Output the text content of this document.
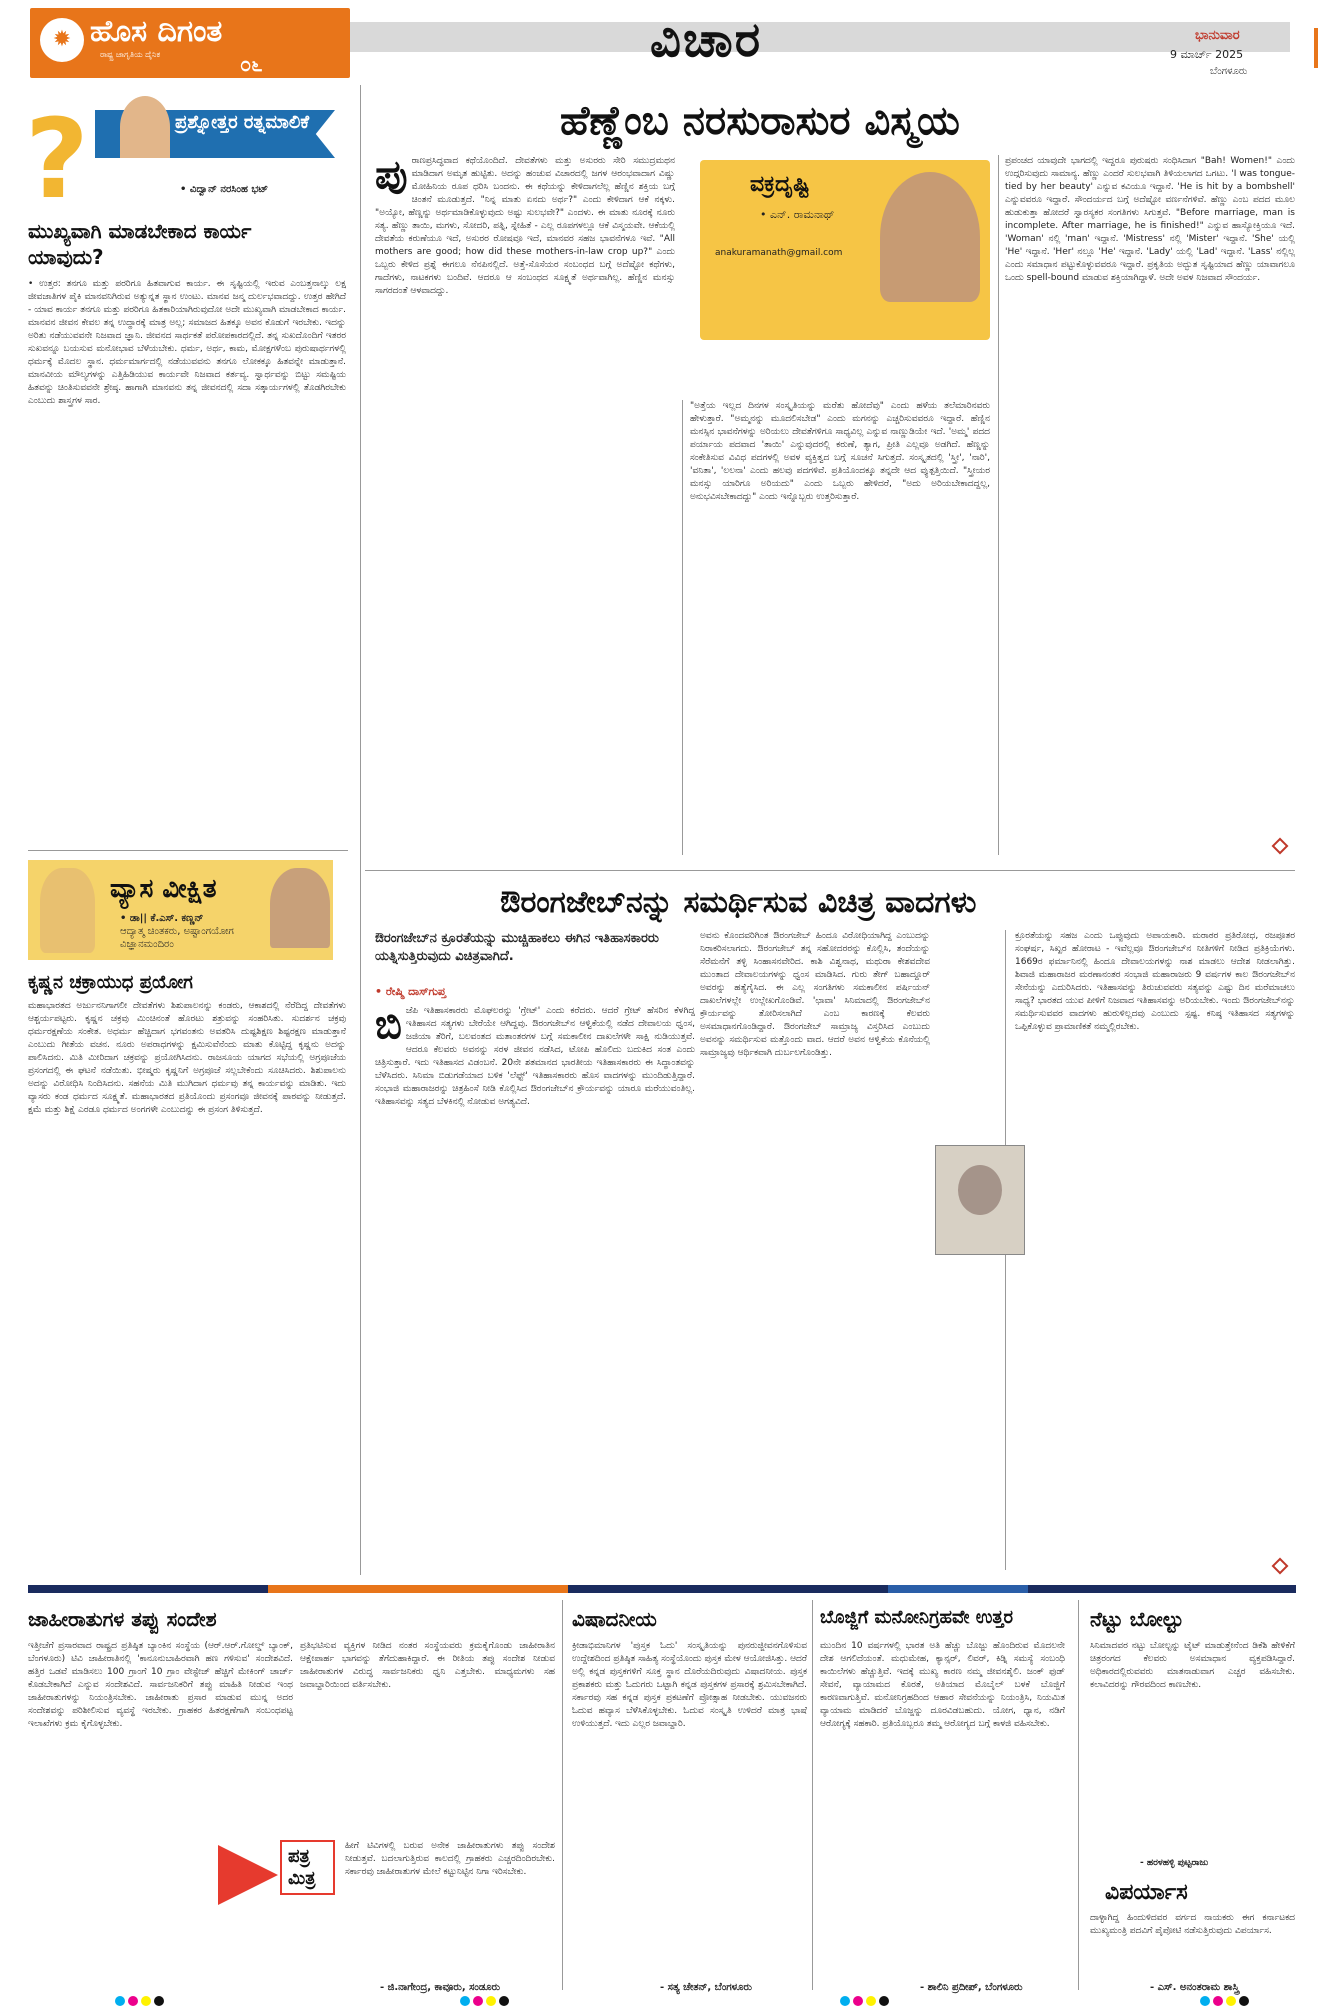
✹ ಹೊಸ ದಿಗಂತ
ರಾಷ್ಟ್ರ ಜಾಗೃತಿಯ ದೈನಿಕ	೦೬	ವಿಚಾರ	ಭಾನುವಾರ
9 ಮಾರ್ಚ್ 2025
ಬೆಂಗಳೂರು
?	ಪ್ರಶ್ನೋತ್ತರ ರತ್ನಮಾಲಿಕೆ
• ವಿದ್ವಾನ್ ನರಸಿಂಹ ಭಟ್
ಮುಖ್ಯವಾಗಿ ಮಾಡಬೇಕಾದ ಕಾರ್ಯ ಯಾವುದು?
• ಉತ್ತರ: ತನಗೂ ಮತ್ತು ಪರರಿಗೂ ಹಿತವಾಗುವ ಕಾರ್ಯ. ಈ ಸೃಷ್ಟಿಯಲ್ಲಿ ಇರುವ ಎಂಬತ್ತನಾಲ್ಕು ಲಕ್ಷ ಜೀವಜಾತಿಗಳ ಪೈಕಿ ಮಾನವನಿಗಿರುವ ಅತ್ಯುನ್ನತ ಸ್ಥಾನ ಉಂಟು. ಮಾನವ ಜನ್ಮ ದುರ್ಲಭವಾದದ್ದು. ಉತ್ತರ ಹೇಗಿದೆ - ಯಾವ ಕಾರ್ಯ ತನಗೂ ಮತ್ತು ಪರರಿಗೂ ಹಿತಕಾರಿಯಾಗಿರುವುದೋ ಅದೇ ಮುಖ್ಯವಾಗಿ ಮಾಡಬೇಕಾದ ಕಾರ್ಯ. ಮಾನವನ ಜೀವನ ಕೇವಲ ತನ್ನ ಉದ್ಧಾರಕ್ಕೆ ಮಾತ್ರ ಅಲ್ಲ; ಸಮಾಜದ ಹಿತಕ್ಕೂ ಅವನ ಕೊಡುಗೆ ಇರಬೇಕು. ಇದನ್ನು ಅರಿತು ನಡೆಯುವವನೇ ನಿಜವಾದ ಜ್ಞಾನಿ. ಜೀವನದ ಸಾರ್ಥಕತೆ ಪರೋಪಕಾರದಲ್ಲಿದೆ. ತನ್ನ ಸುಖದೊಂದಿಗೆ ಇತರರ ಸುಖವನ್ನೂ ಬಯಸುವ ಮನೋಭಾವ ಬೆಳೆಯಬೇಕು. ಧರ್ಮ, ಅರ್ಥ, ಕಾಮ, ಮೋಕ್ಷಗಳೆಂಬ ಪುರುಷಾರ್ಥಗಳಲ್ಲಿ ಧರ್ಮಕ್ಕೆ ಮೊದಲ ಸ್ಥಾನ. ಧರ್ಮಮಾರ್ಗದಲ್ಲಿ ನಡೆಯುವವನು ತನಗೂ ಲೋಕಕ್ಕೂ ಹಿತವನ್ನೇ ಮಾಡುತ್ತಾನೆ. ಮಾನವೀಯ ಮೌಲ್ಯಗಳನ್ನು ಎತ್ತಿಹಿಡಿಯುವ ಕಾರ್ಯವೇ ನಿಜವಾದ ಕರ್ತವ್ಯ. ಸ್ವಾರ್ಥವನ್ನು ಬಿಟ್ಟು ಸಮಷ್ಟಿಯ ಹಿತವನ್ನು ಚಿಂತಿಸುವವನೇ ಶ್ರೇಷ್ಠ. ಹಾಗಾಗಿ ಮಾನವನು ತನ್ನ ಜೀವನದಲ್ಲಿ ಸದಾ ಸತ್ಕಾರ್ಯಗಳಲ್ಲಿ ತೊಡಗಿರಬೇಕು ಎಂಬುದು ಶಾಸ್ತ್ರಗಳ ಸಾರ.
ವ್ಯಾಸ ವೀಕ್ಷಿತ
• ಡಾ|| ಕೆ.ಎಸ್. ಕಣ್ಣನ್
ಆದ್ಯಾತ್ಮ ಚಿಂತಕರು, ಅಷ್ಟಾಂಗಯೋಗ ವಿಜ್ಞಾನಮಂದಿರಂ
ಕೃಷ್ಣನ ಚಕ್ರಾಯುಧ ಪ್ರಯೋಗ
ಮಹಾಭಾರತದ ಅರ್ಜುನನಿಗಾಗಲೀ ದೇವತೆಗಳು ಶಿಶುಪಾಲನನ್ನು ಕಂಡರು, ಆಕಾಶದಲ್ಲಿ ನೆರೆದಿದ್ದ ದೇವತೆಗಳು ಆಶ್ಚರ್ಯಪಟ್ಟರು. ಕೃಷ್ಣನ ಚಕ್ರವು ಮಿಂಚಿನಂತೆ ಹೊರಟು ಶತ್ರುವನ್ನು ಸಂಹರಿಸಿತು. ಸುದರ್ಶನ ಚಕ್ರವು ಧರ್ಮರಕ್ಷಣೆಯ ಸಂಕೇತ. ಅಧರ್ಮ ಹೆಚ್ಚಿದಾಗ ಭಗವಂತನು ಅವತರಿಸಿ ದುಷ್ಟಶಿಕ್ಷಣ ಶಿಷ್ಟರಕ್ಷಣ ಮಾಡುತ್ತಾನೆ ಎಂಬುದು ಗೀತೆಯ ವಚನ. ನೂರು ಅಪರಾಧಗಳನ್ನು ಕ್ಷಮಿಸುವೆನೆಂದು ಮಾತು ಕೊಟ್ಟಿದ್ದ ಕೃಷ್ಣನು ಅದನ್ನು ಪಾಲಿಸಿದನು. ಮಿತಿ ಮೀರಿದಾಗ ಚಕ್ರವನ್ನು ಪ್ರಯೋಗಿಸಿದನು. ರಾಜಸೂಯ ಯಾಗದ ಸಭೆಯಲ್ಲಿ ಅಗ್ರಪೂಜೆಯ ಪ್ರಸಂಗದಲ್ಲಿ ಈ ಘಟನೆ ನಡೆಯಿತು. ಭೀಷ್ಮರು ಕೃಷ್ಣನಿಗೆ ಅಗ್ರಪೂಜೆ ಸಲ್ಲಬೇಕೆಂದು ಸೂಚಿಸಿದರು. ಶಿಶುಪಾಲನು ಅದನ್ನು ವಿರೋಧಿಸಿ ನಿಂದಿಸಿದನು. ಸಹನೆಯ ಮಿತಿ ಮುಗಿದಾಗ ಧರ್ಮವು ತನ್ನ ಕಾರ್ಯವನ್ನು ಮಾಡಿತು. ಇದು ವ್ಯಾಸರು ಕಂಡ ಧರ್ಮದ ಸೂಕ್ಷ್ಮತೆ. ಮಹಾಭಾರತದ ಪ್ರತಿಯೊಂದು ಪ್ರಸಂಗವೂ ಜೀವನಕ್ಕೆ ಪಾಠವನ್ನು ನೀಡುತ್ತದೆ. ಕ್ಷಮೆ ಮತ್ತು ಶಿಕ್ಷೆ ಎರಡೂ ಧರ್ಮದ ಅಂಗಗಳೇ ಎಂಬುದನ್ನು ಈ ಪ್ರಸಂಗ ತಿಳಿಸುತ್ತದೆ.
ಹೆಣ್ಣೆಂಬ ನರಸುರಾಸುರ ವಿಸ್ಮಯ
ಪು ರಾಣಪ್ರಸಿದ್ಧವಾದ ಕಥೆಯೊಂದಿದೆ. ದೇವತೆಗಳು ಮತ್ತು ಅಸುರರು ಸೇರಿ ಸಮುದ್ರಮಥನ ಮಾಡಿದಾಗ ಅಮೃತ ಹುಟ್ಟಿತು. ಅದನ್ನು ಹಂಚುವ ವಿಚಾರದಲ್ಲಿ ಜಗಳ ಆರಂಭವಾದಾಗ ವಿಷ್ಣು ಮೋಹಿನಿಯ ರೂಪ ಧರಿಸಿ ಬಂದನು. ಈ ಕಥೆಯನ್ನು ಕೇಳಿದಾಗಲೆಲ್ಲ ಹೆಣ್ಣಿನ ಶಕ್ತಿಯ ಬಗ್ಗೆ ಚಿಂತನೆ ಮೂಡುತ್ತದೆ. "ನಿನ್ನ ಮಾತು ಏನದು ಅರ್ಥ?" ಎಂದು ಕೇಳಿದಾಗ ಆಕೆ ನಕ್ಕಳು. "ಅಯ್ಯೋ, ಹೆಣ್ಣನ್ನು ಅರ್ಥಮಾಡಿಕೊಳ್ಳುವುದು ಅಷ್ಟು ಸುಲಭವೇ?" ಎಂದಳು. ಈ ಮಾತು ನೂರಕ್ಕೆ ನೂರು ಸತ್ಯ. ಹೆಣ್ಣು ತಾಯಿ, ಮಗಳು, ಸೋದರಿ, ಪತ್ನಿ, ಸ್ನೇಹಿತೆ - ಎಲ್ಲ ರೂಪಗಳಲ್ಲೂ ಆಕೆ ವಿಸ್ಮಯವೇ. ಆಕೆಯಲ್ಲಿ ದೇವತೆಯ ಕರುಣೆಯೂ ಇದೆ, ಅಸುರರ ರೋಷವೂ ಇದೆ, ಮಾನವರ ಸಹಜ ಭಾವನೆಗಳೂ ಇವೆ. "All mothers are good; how did these mothers-in-law crop up?" ಎಂದು ಒಬ್ಬರು ಕೇಳಿದ ಪ್ರಶ್ನೆ ಈಗಲೂ ನೆನಪಿನಲ್ಲಿದೆ. ಅತ್ತೆ-ಸೊಸೆಯರ ಸಂಬಂಧದ ಬಗ್ಗೆ ಅದೆಷ್ಟೋ ಕಥೆಗಳು, ಗಾದೆಗಳು, ನಾಟಕಗಳು ಬಂದಿವೆ. ಆದರೂ ಆ ಸಂಬಂಧದ ಸೂಕ್ಷ್ಮತೆ ಅರ್ಥವಾಗಿಲ್ಲ. ಹೆಣ್ಣಿನ ಮನಸ್ಸು ಸಾಗರದಂತೆ ಆಳವಾದದ್ದು.
ವಕ್ರದೃಷ್ಟಿ
• ಎನ್. ರಾಮನಾಥ್
anakuramanath@gmail.com
"ಅತ್ತೆಯ ಇಲ್ಲದ ದಿನಗಳ ಸಂಸ್ಕೃತಿಯನ್ನು ಮರೆತು ಹೋದೆವು" ಎಂದು ಹಳೆಯ ತಲೆಮಾರಿನವರು ಹೇಳುತ್ತಾರೆ. "ಅಮ್ಮನನ್ನು ಮೂದಲಿಸಬೇಡ" ಎಂದು ಮಗನನ್ನು ಎಚ್ಚರಿಸುವವರೂ ಇದ್ದಾರೆ. ಹೆಣ್ಣಿನ ಮನಸ್ಸಿನ ಭಾವನೆಗಳನ್ನು ಅರಿಯಲು ದೇವತೆಗಳಿಗೂ ಸಾಧ್ಯವಿಲ್ಲ ಎನ್ನುವ ನಾಣ್ಣುಡಿಯೇ ಇದೆ. 'ಅಮ್ಮ' ಪದದ ಪರ್ಯಾಯ ಪದವಾದ 'ತಾಯಿ' ಎನ್ನುವುದರಲ್ಲಿ ಕರುಣೆ, ತ್ಯಾಗ, ಪ್ರೀತಿ ಎಲ್ಲವೂ ಅಡಗಿದೆ. ಹೆಣ್ಣನ್ನು ಸಂಕೇತಿಸುವ ವಿವಿಧ ಪದಗಳಲ್ಲಿ ಅವಳ ವ್ಯಕ್ತಿತ್ವದ ಬಗ್ಗೆ ಸೂಚನೆ ಸಿಗುತ್ತದೆ. ಸಂಸ್ಕೃತದಲ್ಲಿ 'ಸ್ತ್ರೀ', 'ನಾರಿ', 'ವನಿತಾ', 'ಲಲನಾ' ಎಂದು ಹಲವು ಪದಗಳಿವೆ. ಪ್ರತಿಯೊಂದಕ್ಕೂ ತನ್ನದೇ ಆದ ವ್ಯುತ್ಪತ್ತಿಯಿದೆ. "ಸ್ತ್ರೀಯರ ಮನಸ್ಸು ಯಾರಿಗೂ ಅರಿಯದು" ಎಂದು ಒಬ್ಬರು ಹೇಳಿದರೆ, "ಅದು ಅರಿಯಬೇಕಾದದ್ದಲ್ಲ, ಅನುಭವಿಸಬೇಕಾದದ್ದು" ಎಂದು ಇನ್ನೊಬ್ಬರು ಉತ್ತರಿಸುತ್ತಾರೆ.
ಪ್ರಪಂಚದ ಯಾವುದೇ ಭಾಗದಲ್ಲಿ ಇದ್ದರೂ ಪುರುಷರು ಸಂಧಿಸಿದಾಗ "Bah! Women!" ಎಂದು ಉದ್ಗರಿಸುವುದು ಸಾಮಾನ್ಯ. ಹೆಣ್ಣು ಎಂದರೆ ಸುಲಭವಾಗಿ ತಿಳಿಯಲಾಗದ ಒಗಟು. 'I was tongue-tied by her beauty' ಎನ್ನುವ ಕವಿಯೂ ಇದ್ದಾನೆ. 'He is hit by a bombshell' ಎನ್ನುವವರೂ ಇದ್ದಾರೆ. ಸೌಂದರ್ಯದ ಬಗ್ಗೆ ಅದೆಷ್ಟೋ ವರ್ಣನೆಗಳಿವೆ. ಹೆಣ್ಣು ಎಂಬ ಪದದ ಮೂಲ ಹುಡುಕುತ್ತಾ ಹೋದರೆ ಸ್ವಾರಸ್ಯಕರ ಸಂಗತಿಗಳು ಸಿಗುತ್ತವೆ. "Before marriage, man is incomplete. After marriage, he is finished!" ಎನ್ನುವ ಹಾಸ್ಯೋಕ್ತಿಯೂ ಇದೆ. 'Woman' ನಲ್ಲಿ 'man' ಇದ್ದಾನೆ. 'Mistress' ನಲ್ಲಿ 'Mister' ಇದ್ದಾನೆ. 'She' ಯಲ್ಲಿ 'He' ಇದ್ದಾನೆ. 'Her' ನಲ್ಲೂ 'He' ಇದ್ದಾನೆ. 'Lady' ಯಲ್ಲಿ 'Lad' ಇದ್ದಾನೆ. 'Lass' ನಲ್ಲಿಲ್ಲ ಎಂದು ಸಮಾಧಾನ ಪಟ್ಟುಕೊಳ್ಳುವವರೂ ಇದ್ದಾರೆ. ಪ್ರಕೃತಿಯ ಅದ್ಭುತ ಸೃಷ್ಟಿಯಾದ ಹೆಣ್ಣು ಯಾವಾಗಲೂ ಒಂದು spell-bound ಮಾಡುವ ಶಕ್ತಿಯಾಗಿದ್ದಾಳೆ. ಅದೇ ಅವಳ ನಿಜವಾದ ಸೌಂದರ್ಯ.
ಔರಂಗಜೇಬ್‌ನನ್ನು ಸಮರ್ಥಿಸುವ ವಿಚಿತ್ರ ವಾದಗಳು
ಔರಂಗಜೇಬ್‌ನ ಕ್ರೂರತೆಯನ್ನು ಮುಚ್ಚಿಹಾಕಲು ಈಗಿನ ಇತಿಹಾಸಕಾರರು ಯತ್ನಿಸುತ್ತಿರುವುದು ವಿಚಿತ್ರವಾಗಿದೆ.
• ರೇಷ್ಮಿ ದಾಸ್‌ಗುಪ್ತ
ಬಿ ಜೆಪಿ ಇತಿಹಾಸಕಾರರು ಮೊಘಲರನ್ನು 'ಗ್ರೇಟ್' ಎಂದು ಕರೆದರು. ಆದರೆ ಗ್ರೇಟ್ ಹೆಸರಿನ ಕೆಳಗಿದ್ದ ಇತಿಹಾಸದ ಸತ್ಯಗಳು ಬೇರೆಯೇ ಆಗಿದ್ದವು. ಔರಂಗಜೇಬ್‌ನ ಆಳ್ವಿಕೆಯಲ್ಲಿ ನಡೆದ ದೇವಾಲಯ ಧ್ವಂಸ, ಜಜಿಯಾ ತೆರಿಗೆ, ಬಲವಂತದ ಮತಾಂತರಗಳ ಬಗ್ಗೆ ಸಮಕಾಲೀನ ದಾಖಲೆಗಳೇ ಸಾಕ್ಷಿ ನುಡಿಯುತ್ತವೆ. ಆದರೂ ಕೆಲವರು ಅವನನ್ನು ಸರಳ ಜೀವನ ನಡೆಸಿದ, ಟೋಪಿ ಹೊಲಿದು ಬದುಕಿದ ಸಂತ ಎಂದು ಚಿತ್ರಿಸುತ್ತಾರೆ. ಇದು ಇತಿಹಾಸದ ವಿಡಂಬನೆ. 20ನೇ ಶತಮಾನದ ಭಾರತೀಯ ಇತಿಹಾಸಕಾರರು ಈ ಸಿದ್ಧಾಂತವನ್ನು ಬೆಳೆಸಿದರು. ಸಿನಿಮಾ ಬಿಡುಗಡೆಯಾದ ಬಳಿಕ 'ಲೆಫ್ಟ್' ಇತಿಹಾಸಕಾರರು ಹೊಸ ವಾದಗಳನ್ನು ಮುಂದಿಡುತ್ತಿದ್ದಾರೆ. ಸಂಭಾಜಿ ಮಹಾರಾಜರನ್ನು ಚಿತ್ರಹಿಂಸೆ ನೀಡಿ ಕೊಲ್ಲಿಸಿದ ಔರಂಗಜೇಬ್‌ನ ಕ್ರೌರ್ಯವನ್ನು ಯಾರೂ ಮರೆಯುವಂತಿಲ್ಲ. ಇತಿಹಾಸವನ್ನು ಸತ್ಯದ ಬೆಳಕಿನಲ್ಲಿ ನೋಡುವ ಅಗತ್ಯವಿದೆ.
ಅವನು ಕೊಂದವರಿಗಿಂತ ಔರಂಗಜೇಬ್ ಹಿಂದೂ ವಿರೋಧಿಯಾಗಿದ್ದ ಎಂಬುದನ್ನು ನಿರಾಕರಿಸಲಾಗದು. ಔರಂಗಜೇಬ್ ತನ್ನ ಸಹೋದರರನ್ನು ಕೊಲ್ಲಿಸಿ, ತಂದೆಯನ್ನು ಸೆರೆಮನೆಗೆ ತಳ್ಳಿ ಸಿಂಹಾಸನವೇರಿದ. ಕಾಶಿ ವಿಶ್ವನಾಥ, ಮಥುರಾ ಕೇಶವದೇವ ಮುಂತಾದ ದೇವಾಲಯಗಳನ್ನು ಧ್ವಂಸ ಮಾಡಿಸಿದ. ಗುರು ತೇಗ್ ಬಹಾದ್ದೂರ್ ಅವರನ್ನು ಹತ್ಯೆಗೈಸಿದ. ಈ ಎಲ್ಲ ಸಂಗತಿಗಳು ಸಮಕಾಲೀನ ಪರ್ಷಿಯನ್ ದಾಖಲೆಗಳಲ್ಲೇ ಉಲ್ಲೇಖಗೊಂಡಿವೆ. 'ಛಾವಾ' ಸಿನಿಮಾದಲ್ಲಿ ಔರಂಗಜೇಬ್‌ನ ಕ್ರೌರ್ಯವನ್ನು ತೋರಿಸಲಾಗಿದೆ ಎಂಬ ಕಾರಣಕ್ಕೆ ಕೆಲವರು ಅಸಮಾಧಾನಗೊಂಡಿದ್ದಾರೆ. ಔರಂಗಜೇಬ್ ಸಾಮ್ರಾಜ್ಯ ವಿಸ್ತರಿಸಿದ ಎಂಬುದು ಅವನನ್ನು ಸಮರ್ಥಿಸುವ ಮತ್ತೊಂದು ವಾದ. ಆದರೆ ಅವನ ಆಳ್ವಿಕೆಯ ಕೊನೆಯಲ್ಲಿ ಸಾಮ್ರಾಜ್ಯವು ಆರ್ಥಿಕವಾಗಿ ದುರ್ಬಲಗೊಂಡಿತ್ತು.
ಕ್ರೂರತೆಯನ್ನು ಸಹಜ ಎಂದು ಒಪ್ಪುವುದು ಅಪಾಯಕಾರಿ. ಮರಾಠರ ಪ್ರತಿರೋಧ, ರಜಪೂತರ ಸಂಘರ್ಷ, ಸಿಖ್ಖರ ಹೋರಾಟ - ಇವೆಲ್ಲವೂ ಔರಂಗಜೇಬ್‌ನ ನೀತಿಗಳಿಗೆ ನೀಡಿದ ಪ್ರತಿಕ್ರಿಯೆಗಳು. 1669ರ ಫರ್ಮಾನಿನಲ್ಲಿ ಹಿಂದೂ ದೇವಾಲಯಗಳನ್ನು ನಾಶ ಮಾಡಲು ಆದೇಶ ನೀಡಲಾಗಿತ್ತು. ಶಿವಾಜಿ ಮಹಾರಾಜರ ಮರಣಾನಂತರ ಸಂಭಾಜಿ ಮಹಾರಾಜರು 9 ವರ್ಷಗಳ ಕಾಲ ಔರಂಗಜೇಬ್‌ನ ಸೇನೆಯನ್ನು ಎದುರಿಸಿದರು. ಇತಿಹಾಸವನ್ನು ತಿರುಚುವವರು ಸತ್ಯವನ್ನು ಎಷ್ಟು ದಿನ ಮರೆಮಾಚಲು ಸಾಧ್ಯ? ಭಾರತದ ಯುವ ಪೀಳಿಗೆ ನಿಜವಾದ ಇತಿಹಾಸವನ್ನು ಅರಿಯಬೇಕು. ಇಂದು ಔರಂಗಜೇಬ್‌ನನ್ನು ಸಮರ್ಥಿಸುವವರ ವಾದಗಳು ಹುರುಳಿಲ್ಲದವು ಎಂಬುದು ಸ್ಪಷ್ಟ. ಕನಿಷ್ಠ ಇತಿಹಾಸದ ಸತ್ಯಗಳನ್ನು ಒಪ್ಪಿಕೊಳ್ಳುವ ಪ್ರಾಮಾಣಿಕತೆ ನಮ್ಮಲ್ಲಿರಬೇಕು.
ಜಾಹೀರಾತುಗಳ ತಪ್ಪು ಸಂದೇಶ
ಇತ್ತೀಚೆಗೆ ಪ್ರಸಾರವಾದ ರಾಷ್ಟ್ರದ ಪ್ರತಿಷ್ಠಿತ ಬ್ಯಾಂಕಿನ ಸಂಸ್ಥೆಯ (ಆರ್.ಆರ್.ಗೋಲ್ಡ್ ಬ್ಯಾಂಕ್, ಬೆಂಗಳೂರು) ಟಿವಿ ಜಾಹೀರಾತಿನಲ್ಲಿ 'ಕಾನೂನುಬಾಹಿರವಾಗಿ ಹಣ ಗಳಿಸುವ' ಸಂದೇಶವಿದೆ. ಹತ್ತಿರ ಒಡವೆ ಮಾಡಿಸಲು 100 ಗ್ರಾಂಗೆ 10 ಗ್ರಾಂ ವೇಸ್ಟೇಜ್ ಹೆಚ್ಚಿಗೆ ಮೇಕಿಂಗ್ ಚಾರ್ಜ್ ಕೊಡಬೇಕಾಗಿದೆ ಎನ್ನುವ ಸಂದೇಶವಿದೆ. ಸಾರ್ವಜನಿಕರಿಗೆ ತಪ್ಪು ಮಾಹಿತಿ ನೀಡುವ ಇಂಥ ಜಾಹೀರಾತುಗಳನ್ನು ನಿಯಂತ್ರಿಸಬೇಕು. ಜಾಹೀರಾತು ಪ್ರಸಾರ ಮಾಡುವ ಮುನ್ನ ಅದರ ಸಂದೇಶವನ್ನು ಪರಿಶೀಲಿಸುವ ವ್ಯವಸ್ಥೆ ಇರಬೇಕು. ಗ್ರಾಹಕರ ಹಿತರಕ್ಷಣೆಗಾಗಿ ಸಂಬಂಧಪಟ್ಟ ಇಲಾಖೆಗಳು ಕ್ರಮ ಕೈಗೊಳ್ಳಬೇಕು.
ಪ್ರತಿಭಟಿಸುವ ವ್ಯಕ್ತಿಗಳ ನೀಡಿದ ನಂತರ ಸಂಸ್ಥೆಯವರು ಕ್ರಮಕೈಗೊಂಡು ಜಾಹೀರಾತಿನ ಆಕ್ಷೇಪಾರ್ಹ ಭಾಗವನ್ನು ತೆಗೆದುಹಾಕಿದ್ದಾರೆ. ಈ ರೀತಿಯ ತಪ್ಪು ಸಂದೇಶ ನೀಡುವ ಜಾಹೀರಾತುಗಳ ವಿರುದ್ಧ ಸಾರ್ವಜನಿಕರು ಧ್ವನಿ ಎತ್ತಬೇಕು. ಮಾಧ್ಯಮಗಳು ಸಹ ಜವಾಬ್ದಾರಿಯಿಂದ ವರ್ತಿಸಬೇಕು.
ಪತ್ರ ಮಿತ್ರ
ಹೀಗೆ ಟಿವಿಗಳಲ್ಲಿ ಬರುವ ಅನೇಕ ಜಾಹೀರಾತುಗಳು ತಪ್ಪು ಸಂದೇಶ ನೀಡುತ್ತವೆ. ಬದಲಾಗುತ್ತಿರುವ ಕಾಲದಲ್ಲಿ ಗ್ರಾಹಕರು ಎಚ್ಚರದಿಂದಿರಬೇಕು. ಸರ್ಕಾರವು ಜಾಹೀರಾತುಗಳ ಮೇಲೆ ಕಟ್ಟುನಿಟ್ಟಿನ ನಿಗಾ ಇರಿಸಬೇಕು.
- ಜಿ.ನಾಗೇಂದ್ರ, ಕಾವೂರು, ಸಂಡೂರು
ವಿಷಾದನೀಯ
ಕ್ರೀಡಾಭಿಮಾನಿಗಳ 'ಪುಸ್ತಕ ಓದು' ಸಂಸ್ಕೃತಿಯನ್ನು ಪುನರುಜ್ಜೀವನಗೊಳಿಸುವ ಉದ್ದೇಶದಿಂದ ಪ್ರತಿಷ್ಠಿತ ಸಾಹಿತ್ಯ ಸಂಸ್ಥೆಯೊಂದು ಪುಸ್ತಕ ಮೇಳ ಆಯೋಜಿಸಿತ್ತು. ಆದರೆ ಅಲ್ಲಿ ಕನ್ನಡ ಪುಸ್ತಕಗಳಿಗೆ ಸೂಕ್ತ ಸ್ಥಾನ ದೊರೆಯದಿರುವುದು ವಿಷಾದನೀಯ. ಪುಸ್ತಕ ಪ್ರಕಾಶಕರು ಮತ್ತು ಓದುಗರು ಒಟ್ಟಾಗಿ ಕನ್ನಡ ಪುಸ್ತಕಗಳ ಪ್ರಸಾರಕ್ಕೆ ಶ್ರಮಿಸಬೇಕಾಗಿದೆ. ಸರ್ಕಾರವು ಸಹ ಕನ್ನಡ ಪುಸ್ತಕ ಪ್ರಕಟಣೆಗೆ ಪ್ರೋತ್ಸಾಹ ನೀಡಬೇಕು. ಯುವಜನರು ಓದುವ ಹವ್ಯಾಸ ಬೆಳೆಸಿಕೊಳ್ಳಬೇಕು. ಓದುವ ಸಂಸ್ಕೃತಿ ಉಳಿದರೆ ಮಾತ್ರ ಭಾಷೆ ಉಳಿಯುತ್ತದೆ. ಇದು ಎಲ್ಲರ ಜವಾಬ್ದಾರಿ.
- ಸತ್ಯ ಚೇತನ್, ಬೆಂಗಳೂರು
ಬೊಜ್ಜಿಗೆ ಮನೋನಿಗ್ರಹವೇ ಉತ್ತರ
ಮುಂದಿನ 10 ವರ್ಷಗಳಲ್ಲಿ ಭಾರತ ಅತಿ ಹೆಚ್ಚು ಬೊಜ್ಜು ಹೊಂದಿರುವ ಮೊದಲನೇ ದೇಶ ಆಗಲಿದೆಯಂತೆ. ಮಧುಮೇಹ, ಕ್ಯಾನ್ಸರ್, ಲಿವರ್, ಕಿಡ್ನಿ ಸಮಸ್ಯೆ ಸಂಬಂಧಿ ಕಾಯಿಲೆಗಳು ಹೆಚ್ಚುತ್ತಿವೆ. ಇದಕ್ಕೆ ಮುಖ್ಯ ಕಾರಣ ನಮ್ಮ ಜೀವನಶೈಲಿ. ಜಂಕ್ ಫುಡ್ ಸೇವನೆ, ವ್ಯಾಯಾಮದ ಕೊರತೆ, ಅತಿಯಾದ ಮೊಬೈಲ್ ಬಳಕೆ ಬೊಜ್ಜಿಗೆ ಕಾರಣವಾಗುತ್ತಿವೆ. ಮನೋನಿಗ್ರಹದಿಂದ ಆಹಾರ ಸೇವನೆಯನ್ನು ನಿಯಂತ್ರಿಸಿ, ನಿಯಮಿತ ವ್ಯಾಯಾಮ ಮಾಡಿದರೆ ಬೊಜ್ಜನ್ನು ದೂರವಿಡಬಹುದು. ಯೋಗ, ಧ್ಯಾನ, ನಡಿಗೆ ಆರೋಗ್ಯಕ್ಕೆ ಸಹಕಾರಿ. ಪ್ರತಿಯೊಬ್ಬರೂ ತಮ್ಮ ಆರೋಗ್ಯದ ಬಗ್ಗೆ ಕಾಳಜಿ ವಹಿಸಬೇಕು.
- ಶಾಲಿನಿ ಪ್ರದೀಪ್, ಬೆಂಗಳೂರು
ನೆಟ್ಟು ಬೋಲ್ಟು
ಸಿನಿಮಾದವರ ನಟ್ಟು ಬೋಲ್ಟನ್ನು ಟೈಟ್ ಮಾಡುತ್ತೇನೆಂದ ಡಿಕೆಶಿ ಹೇಳಿಕೆಗೆ ಚಿತ್ರರಂಗದ ಕೆಲವರು ಅಸಮಾಧಾನ ವ್ಯಕ್ತಪಡಿಸಿದ್ದಾರೆ. ಅಧಿಕಾರದಲ್ಲಿರುವವರು ಮಾತನಾಡುವಾಗ ಎಚ್ಚರ ವಹಿಸಬೇಕು. ಕಲಾವಿದರನ್ನು ಗೌರವದಿಂದ ಕಾಣಬೇಕು.
- ಹರಳಹಳ್ಳಿ ಪುಟ್ಟರಾಜು
ವಿಪರ್ಯಾಸ
ದಾಳ್ಳಾಗಿದ್ದ ಹಿಂದುಳಿದವರ ವರ್ಗದ ನಾಯಕರು ಈಗ ಕರ್ನಾಟಕದ ಮುಖ್ಯಮಂತ್ರಿ ಪದವಿಗೆ ಪೈಪೋಟಿ ನಡೆಸುತ್ತಿರುವುದು ವಿಪರ್ಯಾಸ.
- ಎಸ್. ಅನಂತರಾಮ ಶಾಸ್ತ್ರಿ
